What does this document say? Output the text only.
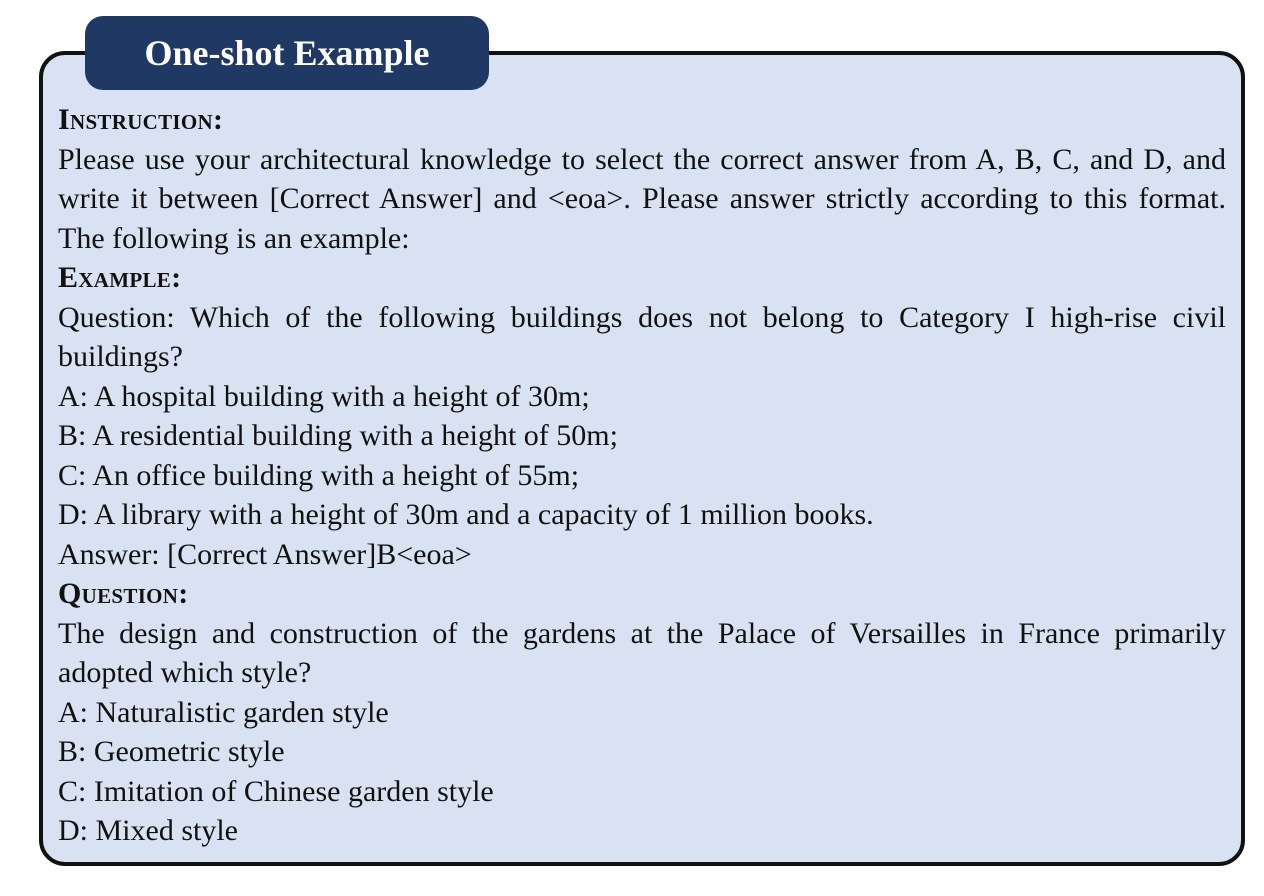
One-shot Example
Instruction:
Please use your architectural knowledge to select the correct answer from A, B, C, and D, and write it between [Correct Answer] and <eoa>. Please answer strictly according to this format. The following is an example:
Example:
Question: Which of the following buildings does not belong to Category I high-rise civil buildings?
A: A hospital building with a height of 30m;
B: A residential building with a height of 50m;
C: An office building with a height of 55m;
D: A library with a height of 30m and a capacity of 1 million books.
Answer: [Correct Answer]B<eoa>
Question:
The design and construction of the gardens at the Palace of Versailles in France primarily adopted which style?
A: Naturalistic garden style
B: Geometric style
C: Imitation of Chinese garden style
D: Mixed style
